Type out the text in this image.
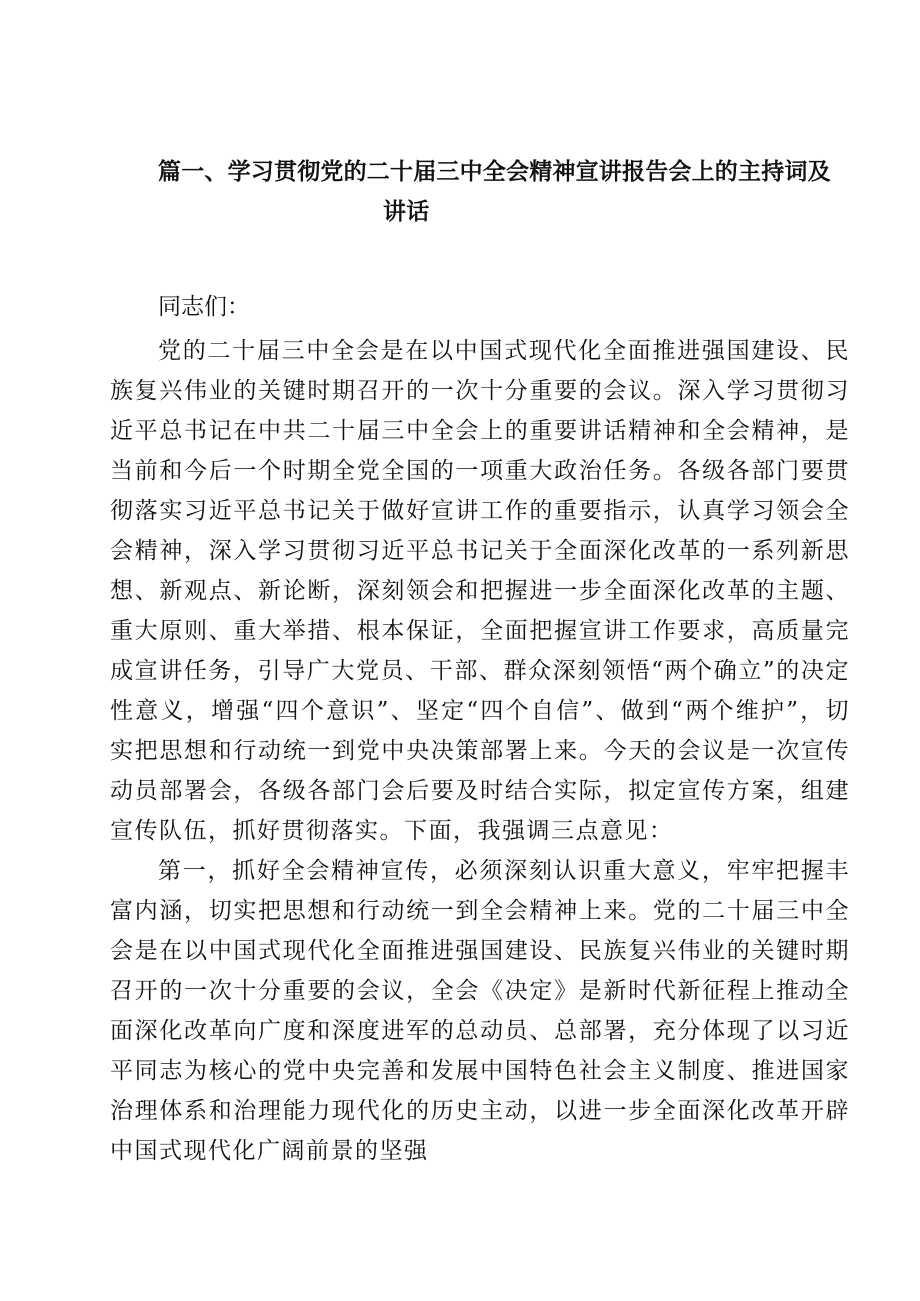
篇一、学习贯彻党的二十届三中全会精神宣讲报告会上的主持词及
讲话

同志们：

党的二十届三中全会是在以中国式现代化全面推进强国建设、民族复兴伟业的关键时期召开的一次十分重要的会议。深入学习贯彻习近平总书记在中共二十届三中全会上的重要讲话精神和全会精神，是当前和今后一个时期全党全国的一项重大政治任务。各级各部门要贯彻落实习近平总书记关于做好宣讲工作的重要指示，认真学习领会全会精神，深入学习贯彻习近平总书记关于全面深化改革的一系列新思想、新观点、新论断，深刻领会和把握进一步全面深化改革的主题、重大原则、重大举措、根本保证，全面把握宣讲工作要求，高质量完成宣讲任务，引导广大党员、干部、群众深刻领悟“两个确立”的决定性意义，增强“四个意识”、坚定“四个自信”、做到“两个维护”，切实把思想和行动统一到党中央决策部署上来。今天的会议是一次宣传动员部署会，各级各部门会后要及时结合实际，拟定宣传方案，组建宣传队伍，抓好贯彻落实。下面，我强调三点意见：

第一，抓好全会精神宣传，必须深刻认识重大意义，牢牢把握丰富内涵，切实把思想和行动统一到全会精神上来。党的二十届三中全会是在以中国式现代化全面推进强国建设、民族复兴伟业的关键时期召开的一次十分重要的会议，全会《决定》是新时代新征程上推动全面深化改革向广度和深度进军的总动员、总部署，充分体现了以习近平同志为核心的党中央完善和发展中国特色社会主义制度、推进国家治理体系和治理能力现代化的历史主动，以进一步全面深化改革开辟中国式现代化广阔前景的坚强
